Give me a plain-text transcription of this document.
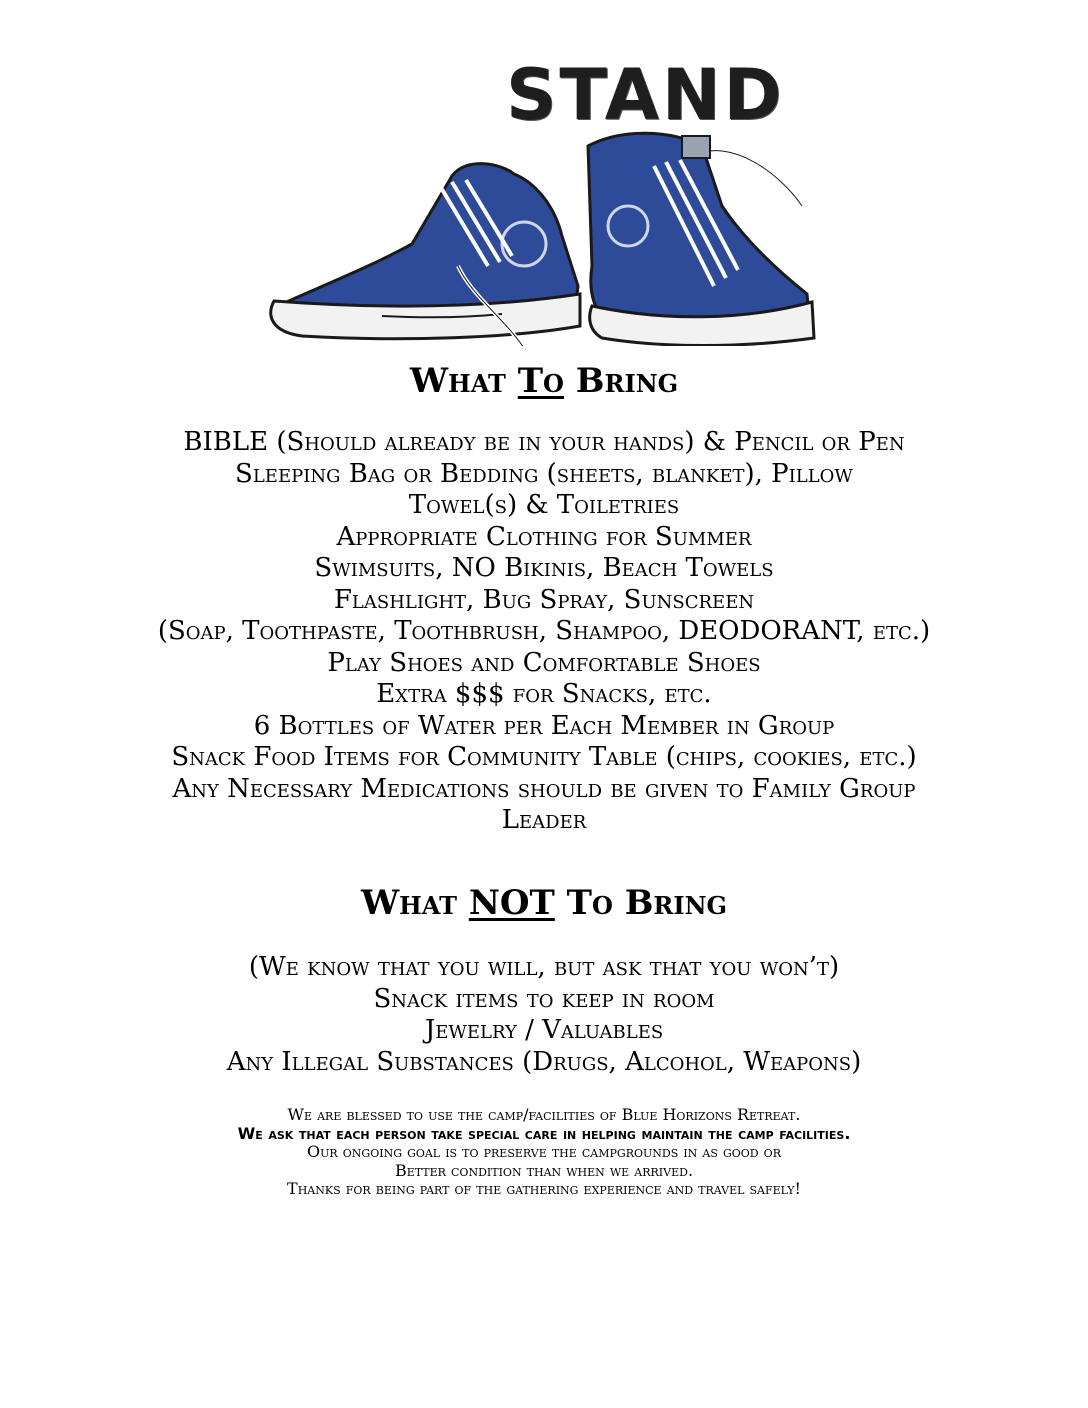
STAND
What To Bring
BIBLE (Should already be in your hands) & Pencil or Pen
Sleeping Bag or Bedding (sheets, blanket), Pillow
Towel(s) & Toiletries
Appropriate Clothing for Summer
Swimsuits, NO Bikinis, Beach Towels
Flashlight, Bug Spray, Sunscreen
(Soap, Toothpaste, Toothbrush, Shampoo, DEODORANT, etc.)
Play Shoes and Comfortable Shoes
Extra $$$ for Snacks, etc.
6 Bottles of Water per Each Member in Group
Snack Food Items for Community Table (chips, cookies, etc.)
Any Necessary Medications should be given to Family Group
Leader
What NOT To Bring
(We know that you will, but ask that you won’t)
Snack items to keep in room
Jewelry / Valuables
Any Illegal Substances (Drugs, Alcohol, Weapons)
We are blessed to use the camp/facilities of Blue Horizons Retreat.
We ask that each person take special care in helping maintain the camp facilities.
Our ongoing goal is to preserve the campgrounds in as good or
Better condition than when we arrived.
Thanks for being part of the gathering experience and travel safely!
